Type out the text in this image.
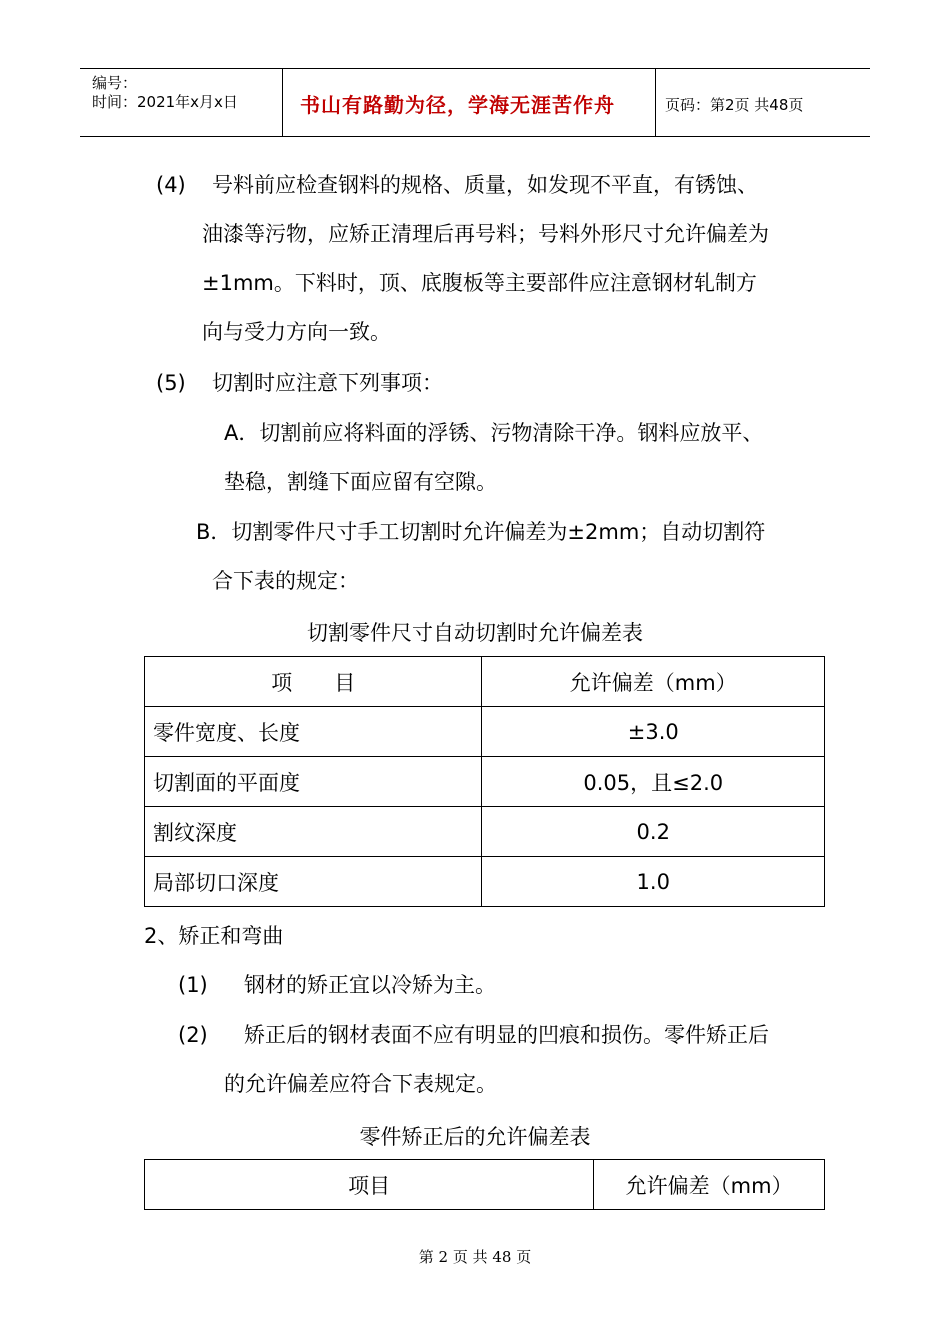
编号：
时间：2021年x月x日	书山有路勤为径，学海无涯苦作舟	页码：第2页 共48页
(4) 号料前应检查钢料的规格、质量，如发现不平直，有锈蚀、
油漆等污物，应矫正清理后再号料；号料外形尺寸允许偏差为
±1mm。下料时，顶、底腹板等主要部件应注意钢材轧制方
向与受力方向一致。
(5) 切割时应注意下列事项：
A．切割前应将料面的浮锈、污物清除干净。钢料应放平、
垫稳，割缝下面应留有空隙。
B．切割零件尺寸手工切割时允许偏差为±2mm；自动切割符
合下表的规定：
切割零件尺寸自动切割时允许偏差表
项　　目	允许偏差（mm）
零件宽度、长度	±3.0
切割面的平面度	0.05，且≤2.0
割纹深度	0.2
局部切口深度	1.0
2、矫正和弯曲
(1) 钢材的矫正宜以冷矫为主。
(2) 矫正后的钢材表面不应有明显的凹痕和损伤。零件矫正后
的允许偏差应符合下表规定。
零件矫正后的允许偏差表
项目	允许偏差（mm）
第 2 页 共 48 页
